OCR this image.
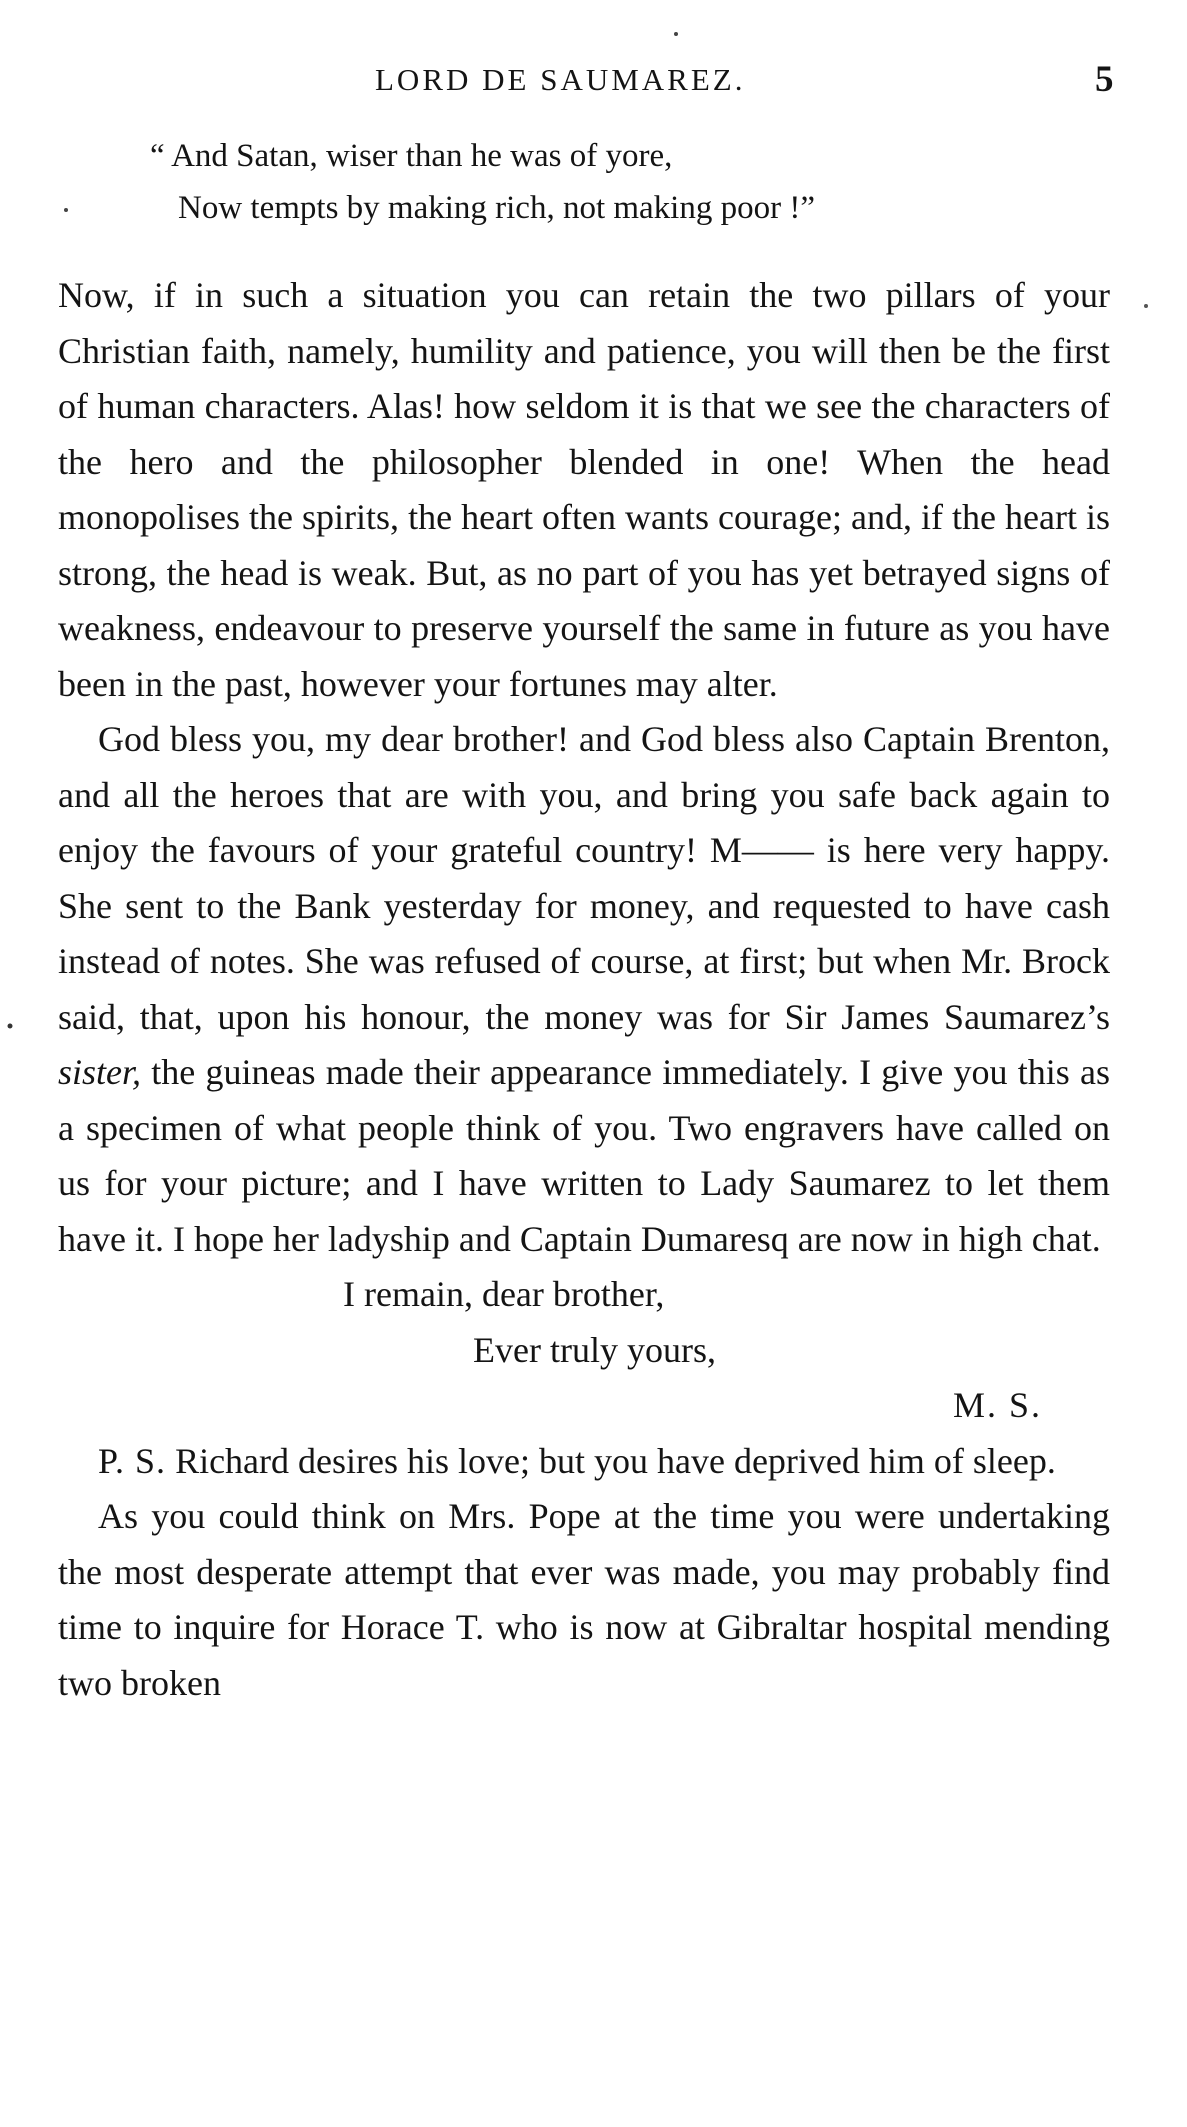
LORD DE SAUMAREZ.	5
“ And Satan, wiser than he was of yore,
Now tempts by making rich, not making poor !”

Now, if in such a situation you can retain the two pillars of your Christian faith, namely, humility and patience, you will then be the first of human characters. Alas! how seldom it is that we see the characters of the hero and the philosopher blended in one! When the head monopolises the spirits, the heart often wants courage; and, if the heart is strong, the head is weak. But, as no part of you has yet betrayed signs of weakness, endeavour to preserve yourself the same in future as you have been in the past, however your fortunes may alter.

God bless you, my dear brother! and God bless also Captain Brenton, and all the heroes that are with you, and bring you safe back again to enjoy the favours of your grateful country! M—— is here very happy. She sent to the Bank yesterday for money, and requested to have cash instead of notes. She was refused of course, at first; but when Mr. Brock said, that, upon his honour, the money was for Sir James Saumarez’s sister, the guineas made their appearance immediately. I give you this as a specimen of what people think of you. Two engravers have called on us for your picture; and I have written to Lady Saumarez to let them have it. I hope her ladyship and Captain Dumaresq are now in high chat.

I remain, dear brother,

Ever truly yours,

M. S.

P. S. Richard desires his love; but you have deprived him of sleep.

As you could think on Mrs. Pope at the time you were undertaking the most desperate attempt that ever was made, you may probably find time to inquire for Horace T. who is now at Gibraltar hospital mending two broken
